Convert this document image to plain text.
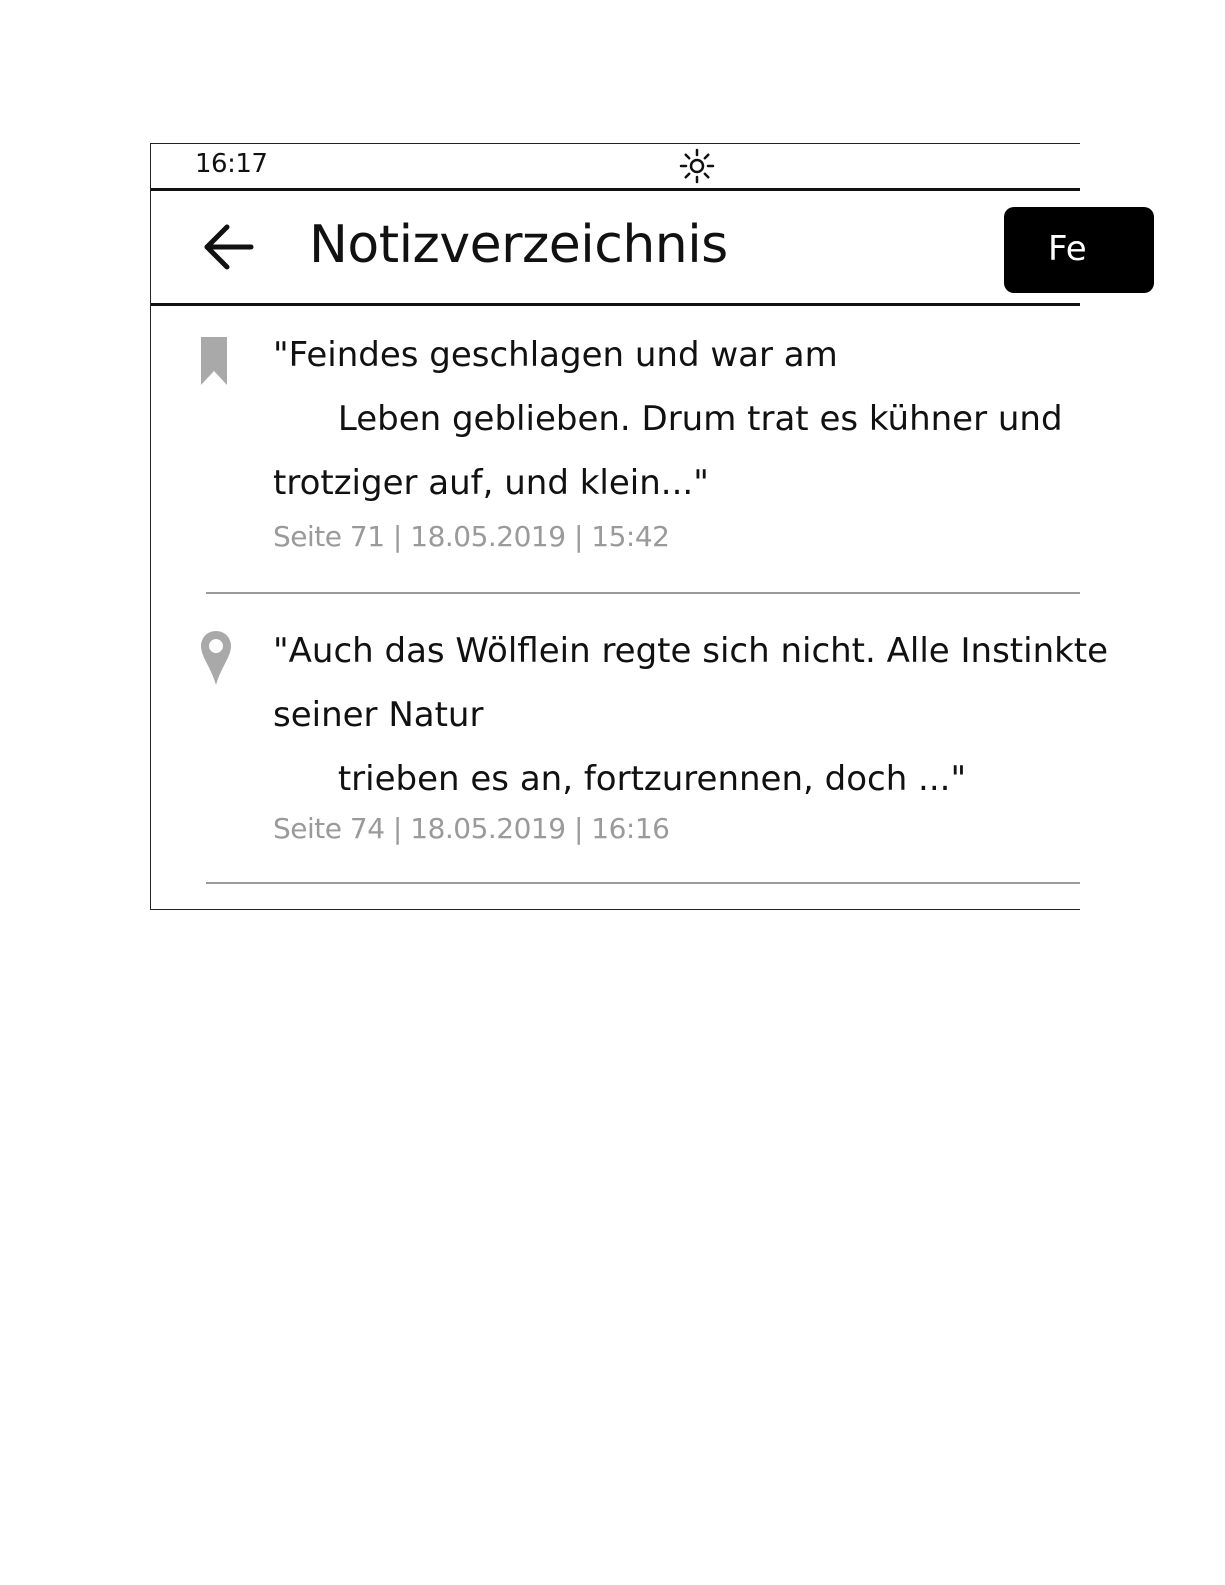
16:17
Notizverzeichnis	Fe
"Feindes geschlagen und war am
Leben geblieben. Drum trat es kühner und
trotziger auf, und klein..."
Seite 71 | 18.05.2019 | 15:42
"Auch das Wölflein regte sich nicht. Alle Instinkte
seiner Natur
trieben es an, fortzurennen, doch ..."
Seite 74 | 18.05.2019 | 16:16
